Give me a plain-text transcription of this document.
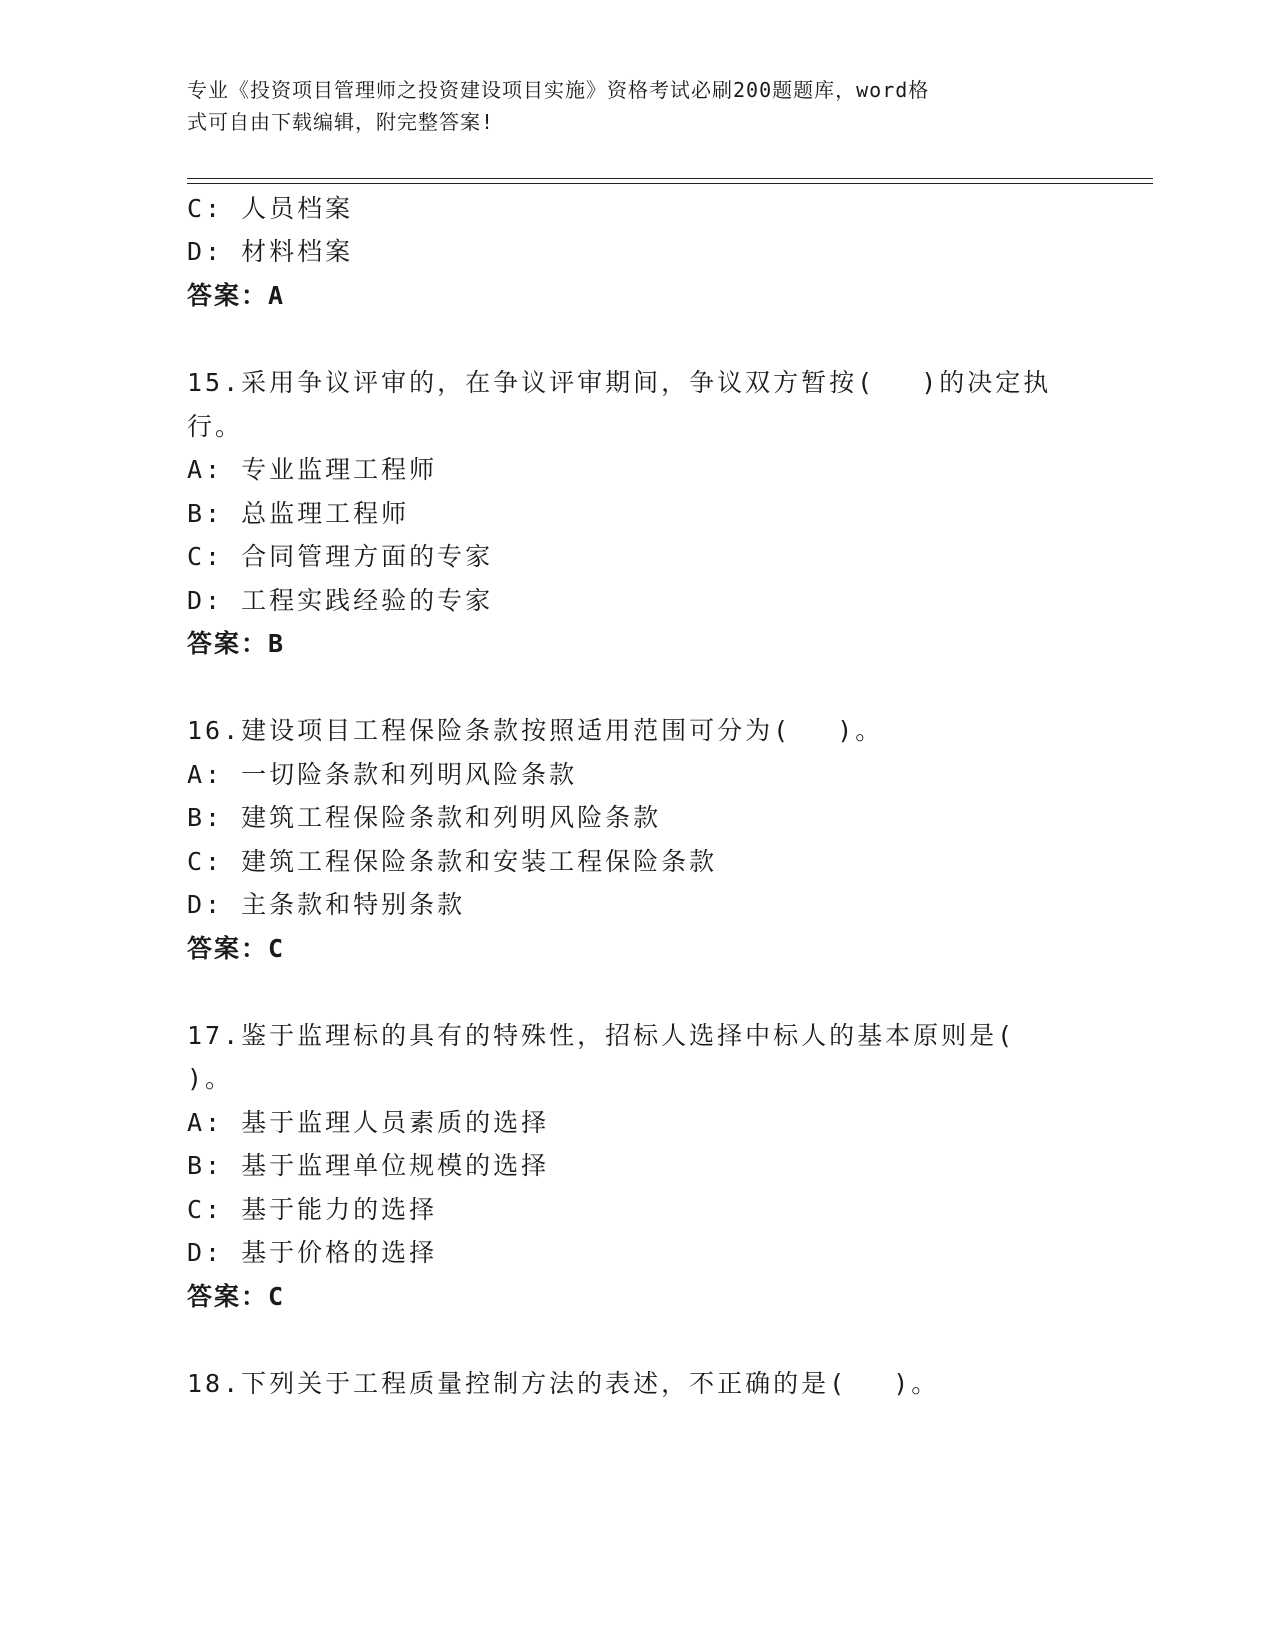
专业《投资项目管理师之投资建设项目实施》资格考试必刷200题题库，word格
式可自由下载编辑，附完整答案!
C: 人员档案
D: 材料档案
答案：A
15.采用争议评审的，在争议评审期间，争议双方暂按(　 )的决定执
行。
A: 专业监理工程师
B: 总监理工程师
C: 合同管理方面的专家
D: 工程实践经验的专家
答案：B
16.建设项目工程保险条款按照适用范围可分为(　 )。
A: 一切险条款和列明风险条款
B: 建筑工程保险条款和列明风险条款
C: 建筑工程保险条款和安装工程保险条款
D: 主条款和特别条款
答案：C
17.鉴于监理标的具有的特殊性，招标人选择中标人的基本原则是(
)。
A: 基于监理人员素质的选择
B: 基于监理单位规模的选择
C: 基于能力的选择
D: 基于价格的选择
答案：C
18.下列关于工程质量控制方法的表述，不正确的是(　 )。
